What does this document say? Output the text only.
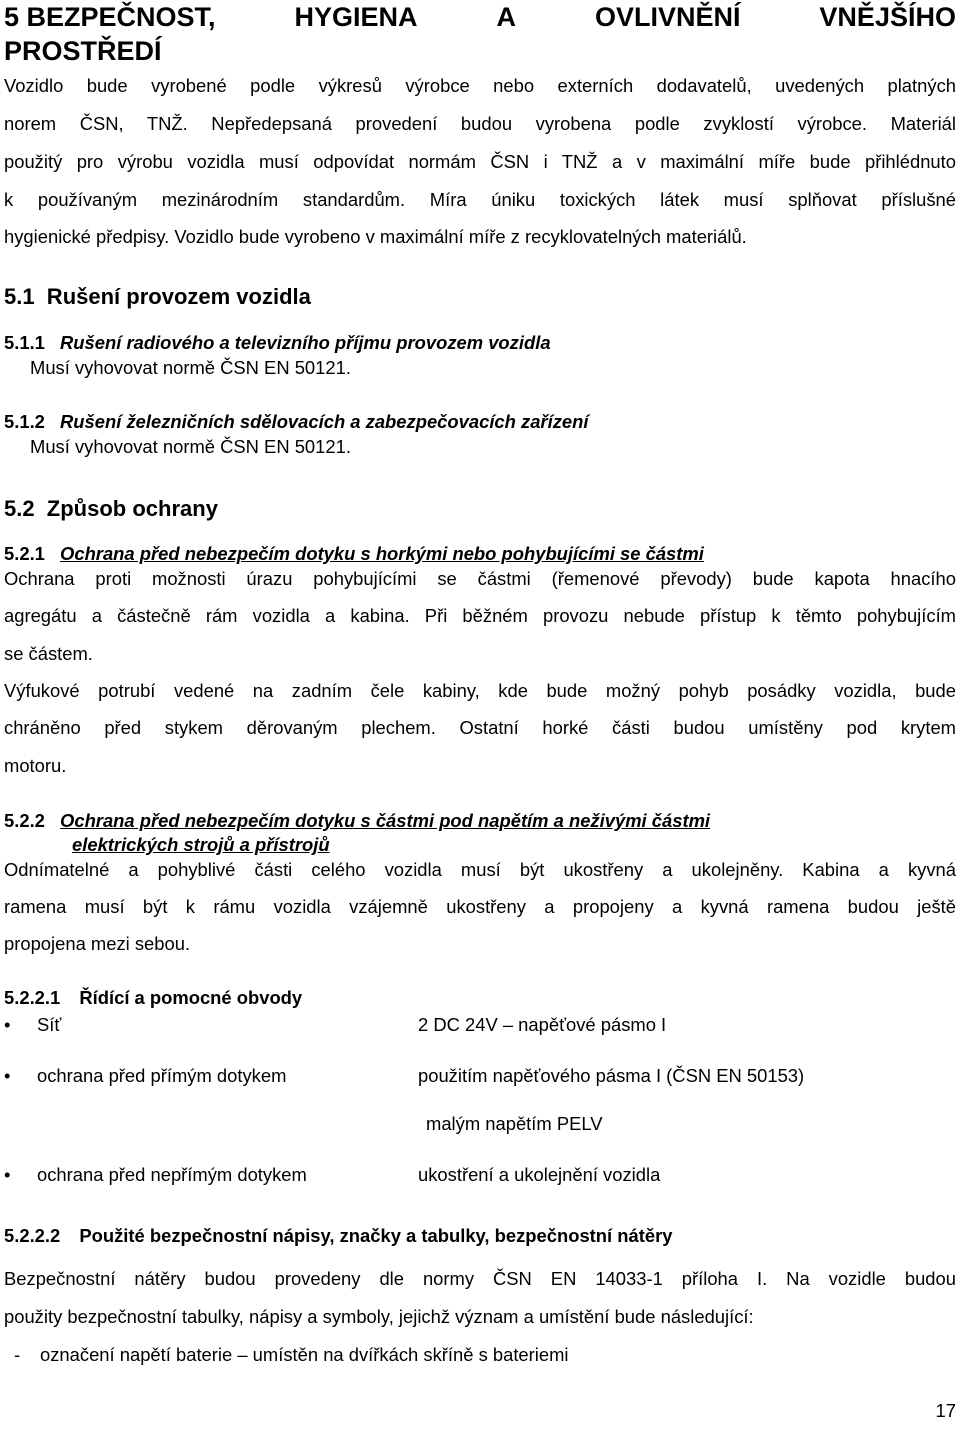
5 BEZPEČNOST,	HYGIENA	A	OVLIVNĚNÍ	VNĚJŠÍHO
PROSTŘEDÍ
Vozidlo bude vyrobené podle výkresů výrobce nebo externích dodavatelů, uvedených platných
norem ČSN, TNŽ. Nepředepsaná provedení budou vyrobena podle zvyklostí výrobce. Materiál
použitý pro výrobu vozidla musí odpovídat normám ČSN i TNŽ a v maximální míře bude přihlédnuto
k používaným mezinárodním standardům. Míra úniku toxických látek musí splňovat příslušné
hygienické předpisy. Vozidlo bude vyrobeno v maximální míře z recyklovatelných materiálů.
5.1  Rušení provozem vozidla
5.1.1 Rušení radiového a televizního příjmu provozem vozidla
Musí vyhovovat normě ČSN EN 50121.
5.1.2 Rušení železničních sdělovacích a zabezpečovacích zařízení
Musí vyhovovat normě ČSN EN 50121.
5.2  Způsob ochrany
5.2.1 Ochrana před nebezpečím dotyku s horkými nebo pohybujícími se částmi
Ochrana proti možnosti úrazu pohybujícími se částmi (řemenové převody) bude kapota hnacího
agregátu a částečně rám vozidla a kabina. Při běžném provozu nebude přístup k těmto pohybujícím
se částem.
Výfukové potrubí vedené na zadním čele kabiny, kde bude možný pohyb posádky vozidla, bude
chráněno před stykem děrovaným plechem. Ostatní horké části budou umístěny pod krytem
motoru.
5.2.2 Ochrana před nebezpečím dotyku s částmi pod napětím a neživými částmi
elektrických strojů a přístrojů
Odnímatelné a pohyblivé části celého vozidla musí být ukostřeny a ukolejněny. Kabina a kyvná
ramena musí být k rámu vozidla vzájemně ukostřeny a propojeny a kyvná ramena budou ještě
propojena mezi sebou.
5.2.2.1 Řídící a pomocné obvody
• Síť	2 DC 24V – napěťové pásmo I
• ochrana před přímým dotykem	použitím napěťového pásma I (ČSN EN 50153)
malým napětím PELV
• ochrana před nepřímým dotykem	ukostření a ukolejnění vozidla
5.2.2.2 Použité bezpečnostní nápisy, značky a tabulky, bezpečnostní nátěry
Bezpečnostní nátěry budou provedeny dle normy ČSN EN 14033-1 příloha I. Na vozidle budou
použity bezpečnostní tabulky, nápisy a symboly, jejichž význam a umístění bude následující:
- označení napětí baterie – umístěn na dvířkách skříně s bateriemi
17
